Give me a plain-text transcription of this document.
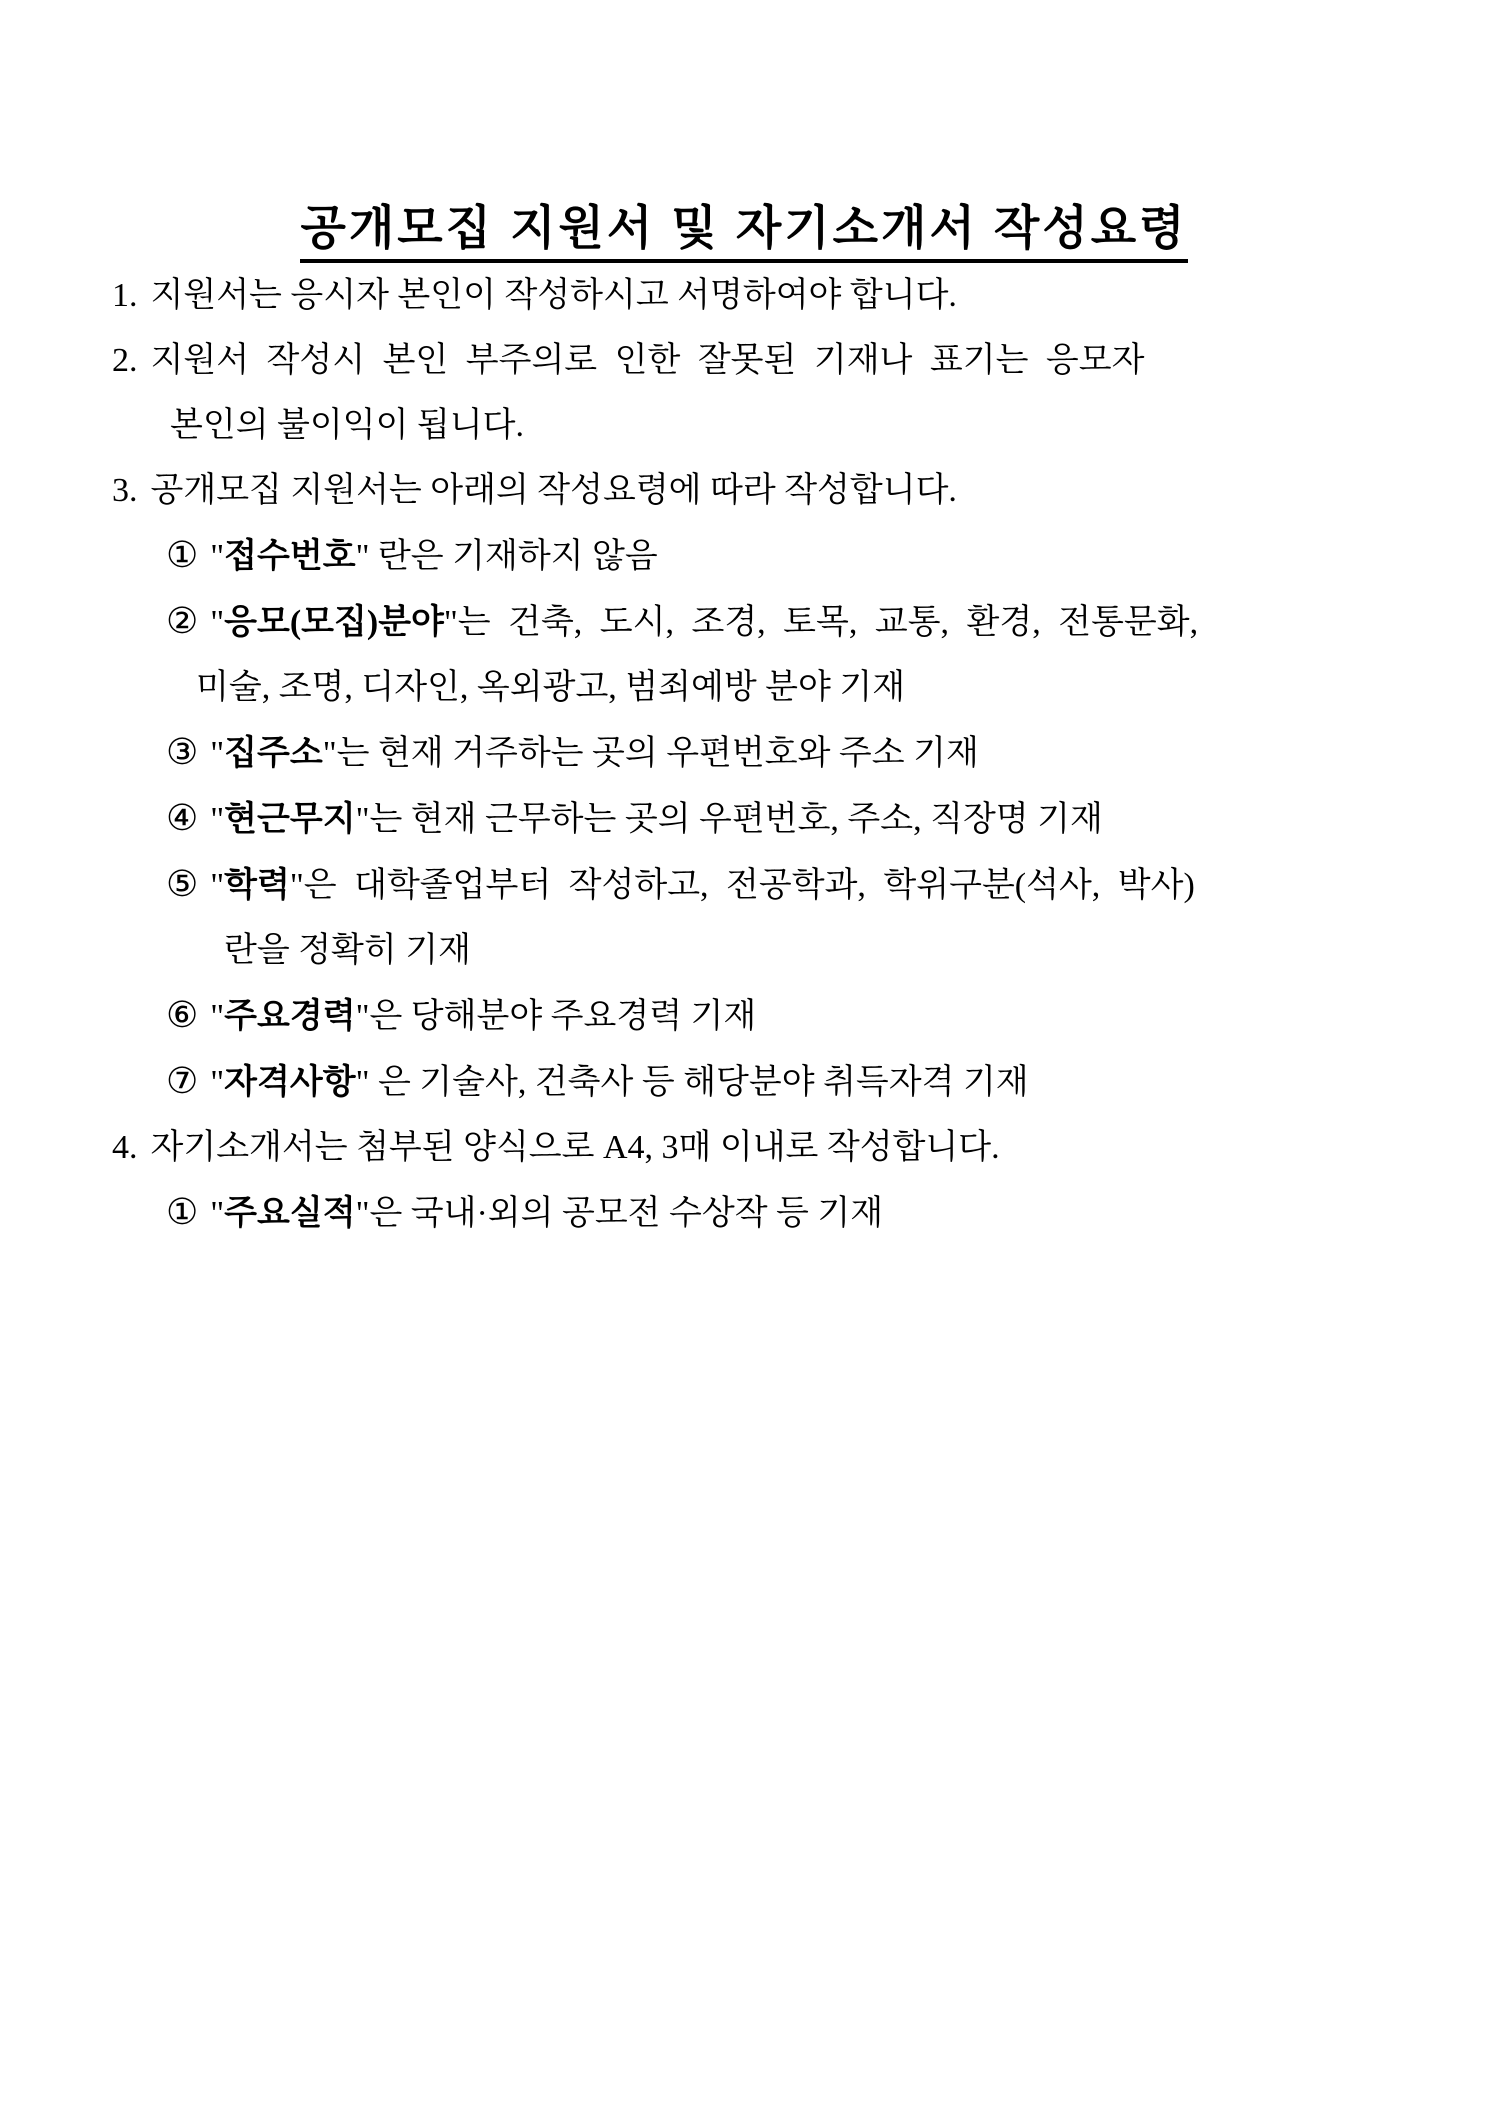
공개모집 지원서 및 자기소개서 작성요령

1. 지원서는 응시자 본인이 작성하시고 서명하여야 합니다.

2. 지원서 작성시 본인 부주의로 인한 잘못된 기재나 표기는 응모자

본인의 불이익이 됩니다.

3. 공개모집 지원서는 아래의 작성요령에 따라 작성합니다.

① "접수번호" 란은 기재하지 않음

② "응모(모집)분야"는 건축, 도시, 조경, 토목, 교통, 환경, 전통문화,

미술, 조명, 디자인, 옥외광고, 범죄예방 분야 기재

③ "집주소"는 현재 거주하는 곳의 우편번호와 주소 기재

④ "현근무지"는 현재 근무하는 곳의 우편번호, 주소, 직장명 기재

⑤ "학력"은 대학졸업부터 작성하고, 전공학과, 학위구분(석사, 박사)

란을 정확히 기재

⑥ "주요경력"은 당해분야 주요경력 기재

⑦ "자격사항" 은 기술사, 건축사 등 해당분야 취득자격 기재

4. 자기소개서는 첨부된 양식으로 A4, 3매 이내로 작성합니다.

① "주요실적"은 국내·외의 공모전 수상작 등 기재
